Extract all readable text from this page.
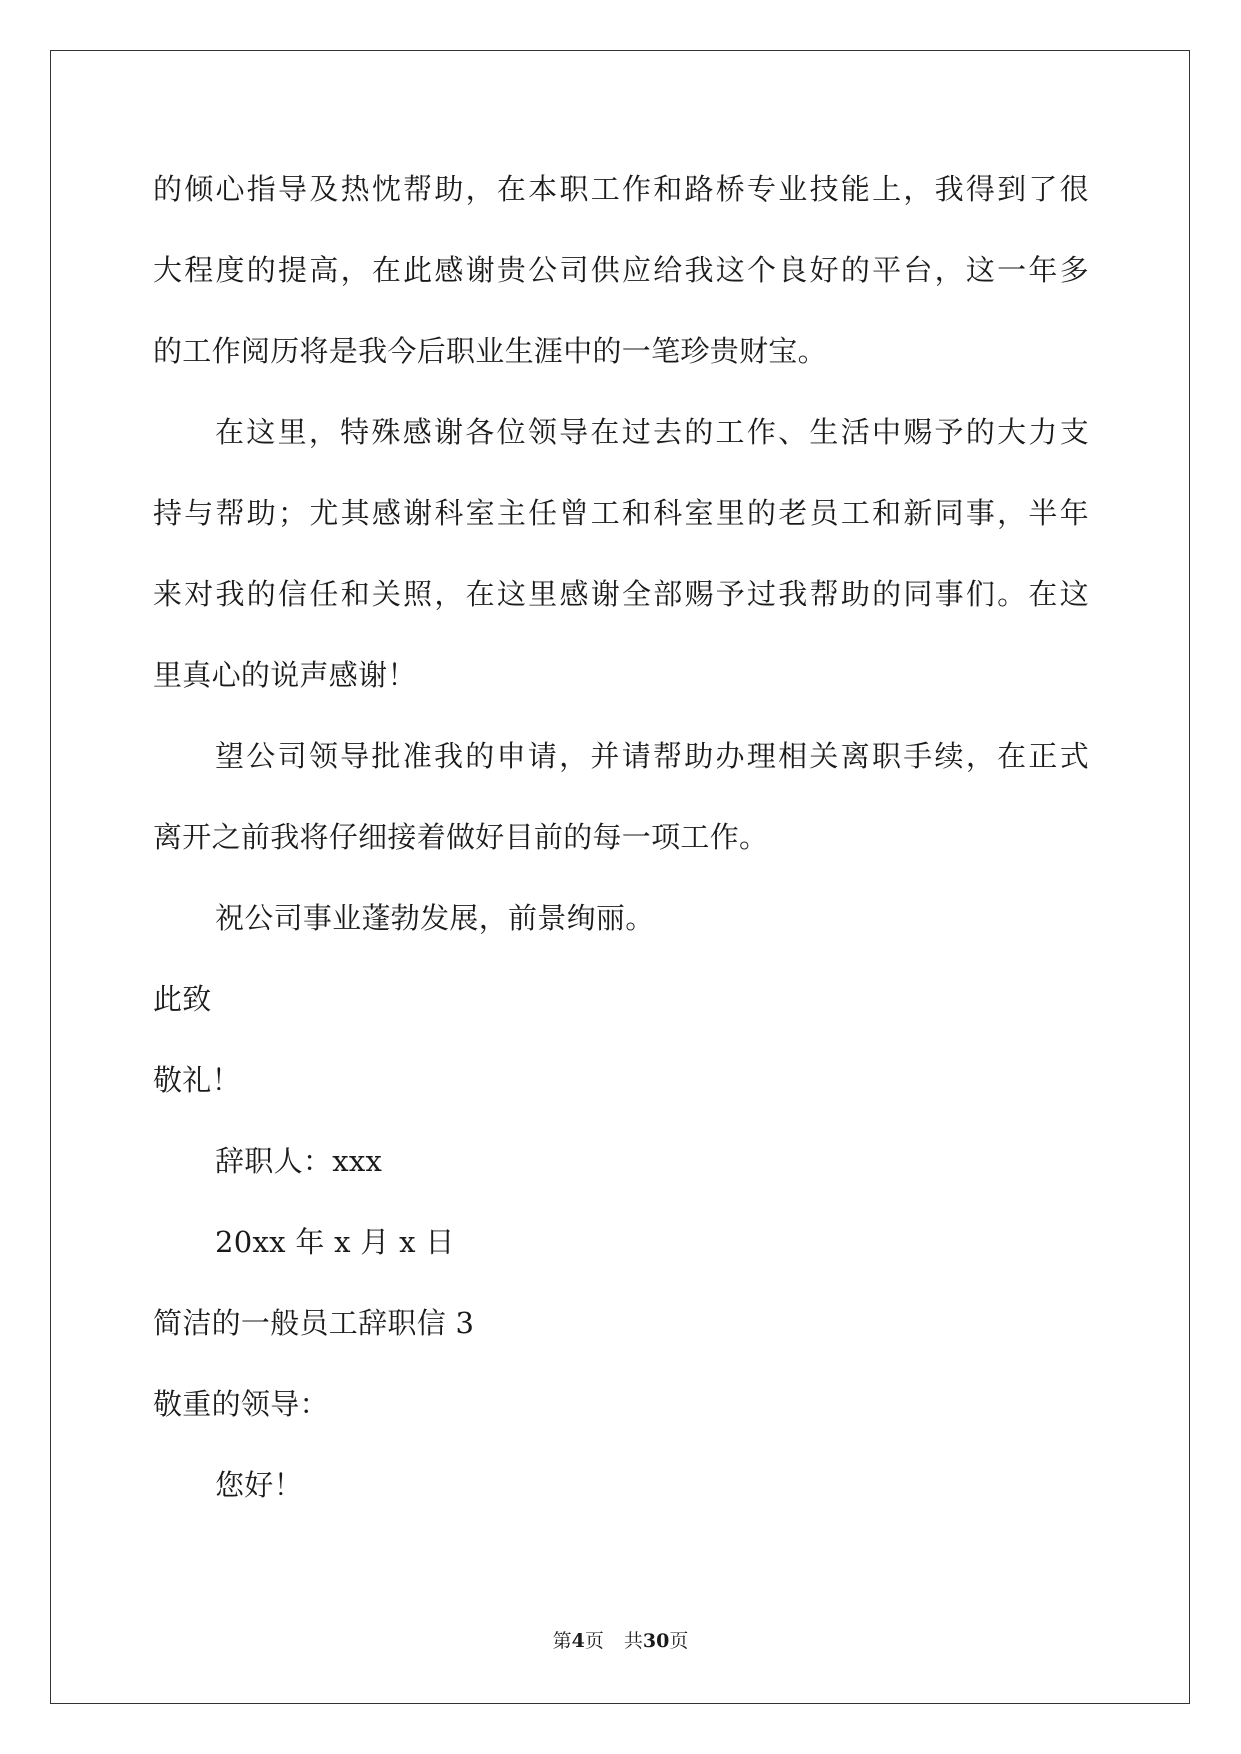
的倾心指导及热忱帮助，在本职工作和路桥专业技能上，我得到了很
大程度的提高，在此感谢贵公司供应给我这个良好的平台，这一年多
的工作阅历将是我今后职业生涯中的一笔珍贵财宝。
在这里，特殊感谢各位领导在过去的工作、生活中赐予的大力支
持与帮助；尤其感谢科室主任曾工和科室里的老员工和新同事，半年
来对我的信任和关照，在这里感谢全部赐予过我帮助的同事们。在这
里真心的说声感谢！
望公司领导批准我的申请，并请帮助办理相关离职手续，在正式
离开之前我将仔细接着做好目前的每一项工作。
祝公司事业蓬勃发展，前景绚丽。
此致
敬礼！
辞职人：xxx
20xx 年 x 月 x 日
简洁的一般员工辞职信 3
敬重的领导：
您好！
第4页 共30页
